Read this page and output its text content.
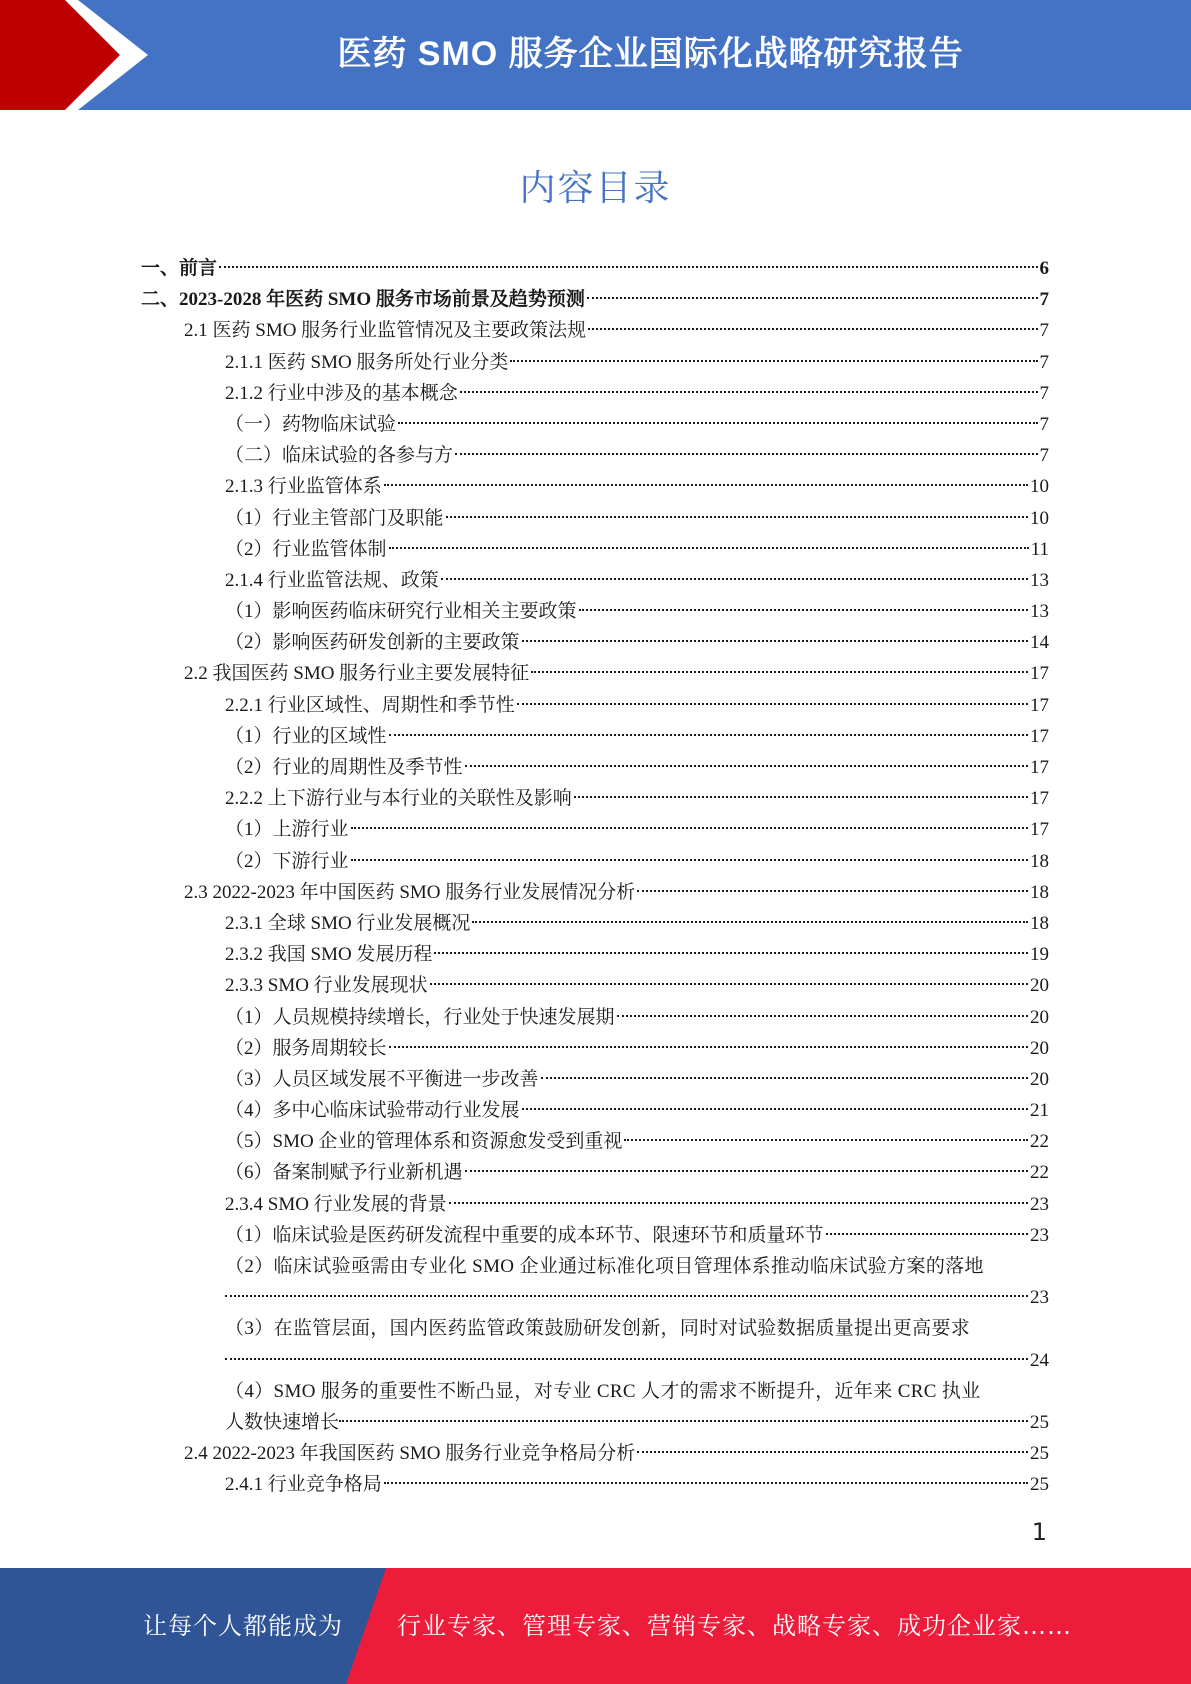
医药 SMO 服务企业国际化战略研究报告
内容目录
一、前言	6
二、2023-2028 年医药 SMO 服务市场前景及趋势预测	7
2.1 医药 SMO 服务行业监管情况及主要政策法规	7
2.1.1 医药 SMO 服务所处行业分类	7
2.1.2 行业中涉及的基本概念	7
（一）药物临床试验	7
（二）临床试验的各参与方	7
2.1.3 行业监管体系	10
（1）行业主管部门及职能	10
（2）行业监管体制	11
2.1.4 行业监管法规、政策	13
（1）影响医药临床研究行业相关主要政策	13
（2）影响医药研发创新的主要政策	14
2.2 我国医药 SMO 服务行业主要发展特征	17
2.2.1 行业区域性、周期性和季节性	17
（1）行业的区域性	17
（2）行业的周期性及季节性	17
2.2.2 上下游行业与本行业的关联性及影响	17
（1）上游行业	17
（2）下游行业	18
2.3 2022-2023 年中国医药 SMO 服务行业发展情况分析	18
2.3.1 全球 SMO 行业发展概况	18
2.3.2 我国 SMO 发展历程	19
2.3.3 SMO 行业发展现状	20
（1）人员规模持续增长，行业处于快速发展期	20
（2）服务周期较长	20
（3）人员区域发展不平衡进一步改善	20
（4）多中心临床试验带动行业发展	21
（5）SMO 企业的管理体系和资源愈发受到重视	22
（6）备案制赋予行业新机遇	22
2.3.4 SMO 行业发展的背景	23
（1）临床试验是医药研发流程中重要的成本环节、限速环节和质量环节	23
（2）临床试验亟需由专业化 SMO 企业通过标准化项目管理体系推动临床试验方案的落地
23
（3）在监管层面，国内医药监管政策鼓励研发创新，同时对试验数据质量提出更高要求
24
（4）SMO 服务的重要性不断凸显，对专业 CRC 人才的需求不断提升，近年来 CRC 执业
人数快速增长	25
2.4 2022-2023 年我国医药 SMO 服务行业竞争格局分析	25
2.4.1 行业竞争格局	25
1
让每个人都能成为 行业专家、管理专家、营销专家、战略专家、成功企业家……
